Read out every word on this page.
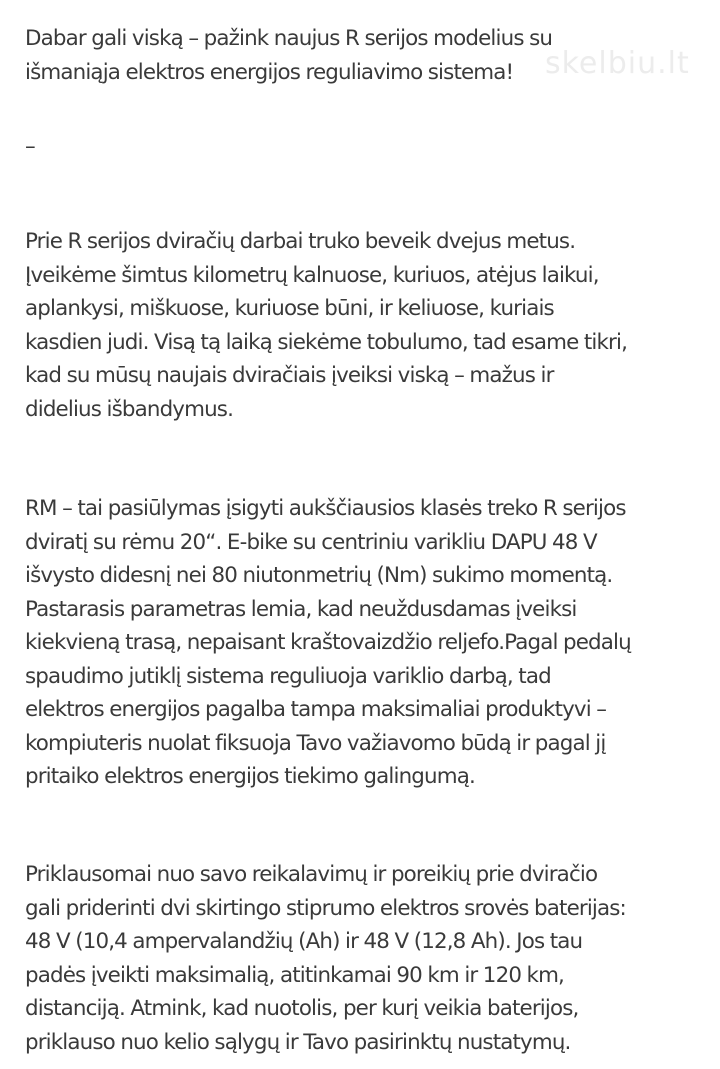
Dabar gali viską – pažink naujus R serijos modelius su
išmaniąja elektros energijos reguliavimo sistema!

–

Prie R serijos dviračių darbai truko beveik dvejus metus.
Įveikėme šimtus kilometrų kalnuose, kuriuos, atėjus laikui,
aplankysi, miškuose, kuriuose būni, ir keliuose, kuriais
kasdien judi. Visą tą laiką siekėme tobulumo, tad esame tikri,
kad su mūsų naujais dviračiais įveiksi viską – mažus ir
didelius išbandymus.

RM – tai pasiūlymas įsigyti aukščiausios klasės treko R serijos
dviratį su rėmu 20“. E-bike su centriniu varikliu DAPU 48 V
išvysto didesnį nei 80 niutonmetrių (Nm) sukimo momentą.
Pastarasis parametras lemia, kad neuždusdamas įveiksi
kiekvieną trasą, nepaisant kraštovaizdžio reljefo.Pagal pedalų
spaudimo jutiklį sistema reguliuoja variklio darbą, tad
elektros energijos pagalba tampa maksimaliai produktyvi –
kompiuteris nuolat fiksuoja Tavo važiavomo būdą ir pagal jį
pritaiko elektros energijos tiekimo galingumą.

Priklausomai nuo savo reikalavimų ir poreikių prie dviračio
gali priderinti dvi skirtingo stiprumo elektros srovės baterijas:
48 V (10,4 ampervalandžių (Ah) ir 48 V (12,8 Ah). Jos tau
padės įveikti maksimalią, atitinkamai 90 km ir 120 km,
distanciją. Atmink, kad nuotolis, per kurį veikia baterijos,
priklauso nuo kelio sąlygų ir Tavo pasirinktų nustatymų.

skelbiu.lt
